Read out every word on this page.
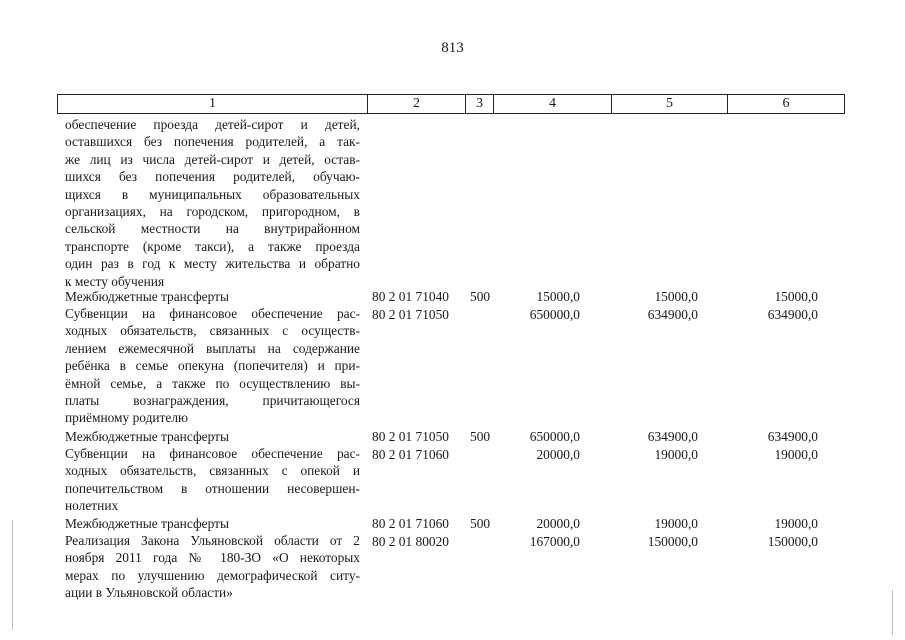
813
1	2	3	4	5	6
обеспечение проезда детей-сирот и детей,
оставшихся без попечения родителей, а так-
же лиц из числа детей-сирот и детей, остав-
шихся без попечения родителей, обучаю-
щихся в муниципальных образовательных
организациях, на городском, пригородном, в
сельской местности на внутрирайонном
транспорте (кроме такси), а также проезда
один раз в год к месту жительства и обратно
к месту обучения
Межбюджетные трансферты	80 2 01 71040 500	15000,0	15000,0	15000,0
Субвенции на финансовое обеспечение рас-
ходных обязательств, связанных с осуществ-
лением ежемесячной выплаты на содержание
ребёнка в семье опекуна (попечителя) и при-
ёмной семье, а также по осуществлению вы-
платы вознаграждения, причитающегося
приёмному родителю
80 2 01 71050	650000,0	634900,0	634900,0
Межбюджетные трансферты	80 2 01 71050 500	650000,0	634900,0	634900,0
Субвенции на финансовое обеспечение рас-
ходных обязательств, связанных с опекой и
попечительством в отношении несовершен-
нолетних
80 2 01 71060	20000,0	19000,0	19000,0
Межбюджетные трансферты	80 2 01 71060 500	20000,0	19000,0	19000,0
Реализация Закона Ульяновской области от 2
ноября 2011 года № 180-ЗО «О некоторых
мерах по улучшению демографической ситу-
ации в Ульяновской области»
80 2 01 80020	167000,0	150000,0	150000,0
